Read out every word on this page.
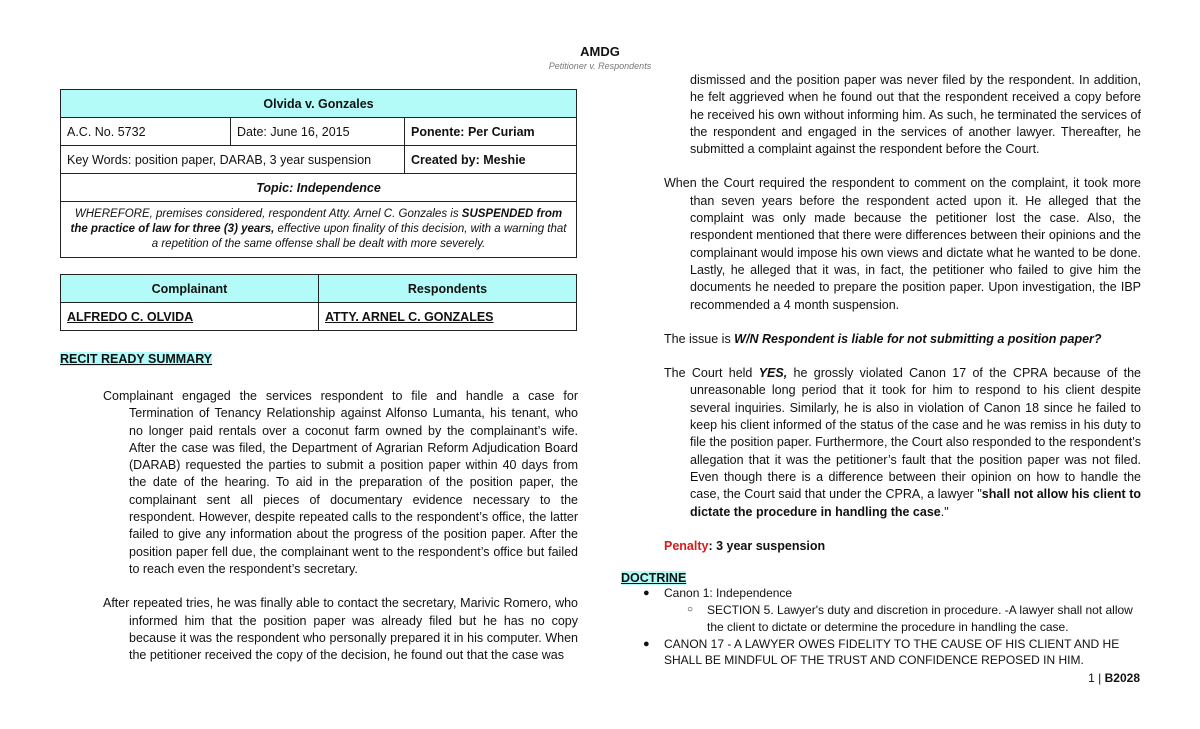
AMDG
Petitioner v. Respondents
Olvida v. Gonzales		
A.C. No. 5732	Date: June 16, 2015	Ponente: Per Curiam
Key Words: position paper, DARAB, 3 year suspension		Created by: Meshie
Topic: Independence		
WHEREFORE, premises considered, respondent Atty. Arnel C. Gonzales is SUSPENDED from the practice of law for three (3) years, effective upon finality of this decision, with a warning that a repetition of the same offense shall be dealt with more severely.		
Complainant	Respondents
ALFREDO C. OLVIDA	ATTY. ARNEL C. GONZALES
RECIT READY SUMMARY
Complainant engaged the services respondent to file and handle a case for Termination of Tenancy Relationship against Alfonso Lumanta, his tenant, who no longer paid rentals over a coconut farm owned by the complainant’s wife. After the case was filed, the Department of Agrarian Reform Adjudication Board (DARAB) requested the parties to submit a position paper within 40 days from the date of the hearing. To aid in the preparation of the position paper, the complainant sent all pieces of documentary evidence necessary to the respondent. However, despite repeated calls to the respondent’s office, the latter failed to give any information about the progress of the position paper. After the position paper fell due, the complainant went to the respondent’s office but failed to reach even the respondent’s secretary.
After repeated tries, he was finally able to contact the secretary, Marivic Romero, who informed him that the position paper was already filed but he has no copy because it was the respondent who personally prepared it in his computer. When the petitioner received the copy of the decision, he found out that the case was
dismissed and the position paper was never filed by the respondent. In addition, he felt aggrieved when he found out that the respondent received a copy before he received his own without informing him. As such, he terminated the services of the respondent and engaged in the services of another lawyer. Thereafter, he submitted a complaint against the respondent before the Court.
When the Court required the respondent to comment on the complaint, it took more than seven years before the respondent acted upon it. He alleged that the complaint was only made because the petitioner lost the case. Also, the respondent mentioned that there were differences between their opinions and the complainant would impose his own views and dictate what he wanted to be done. Lastly, he alleged that it was, in fact, the petitioner who failed to give him the documents he needed to prepare the position paper. Upon investigation, the IBP recommended a 4 month suspension.
The issue is W/N Respondent is liable for not submitting a position paper?
The Court held YES, he grossly violated Canon 17 of the CPRA because of the unreasonable long period that it took for him to respond to his client despite several inquiries. Similarly, he is also in violation of Canon 18 since he failed to keep his client informed of the status of the case and he was remiss in his duty to file the position paper. Furthermore, the Court also responded to the respondent’s allegation that it was the petitioner’s fault that the position paper was not filed. Even though there is a difference between their opinion on how to handle the case, the Court said that under the CPRA, a lawyer "shall not allow his client to dictate the procedure in handling the case."
Penalty: 3 year suspension
DOCTRINE
● Canon 1: Independence
○ SECTION 5. Lawyer's duty and discretion in procedure. -A lawyer shall not allow the client to dictate or determine the procedure in handling the case.
● CANON 17 - A LAWYER OWES FIDELITY TO THE CAUSE OF HIS CLIENT AND HE SHALL BE MINDFUL OF THE TRUST AND CONFIDENCE REPOSED IN HIM.
1 | B2028
